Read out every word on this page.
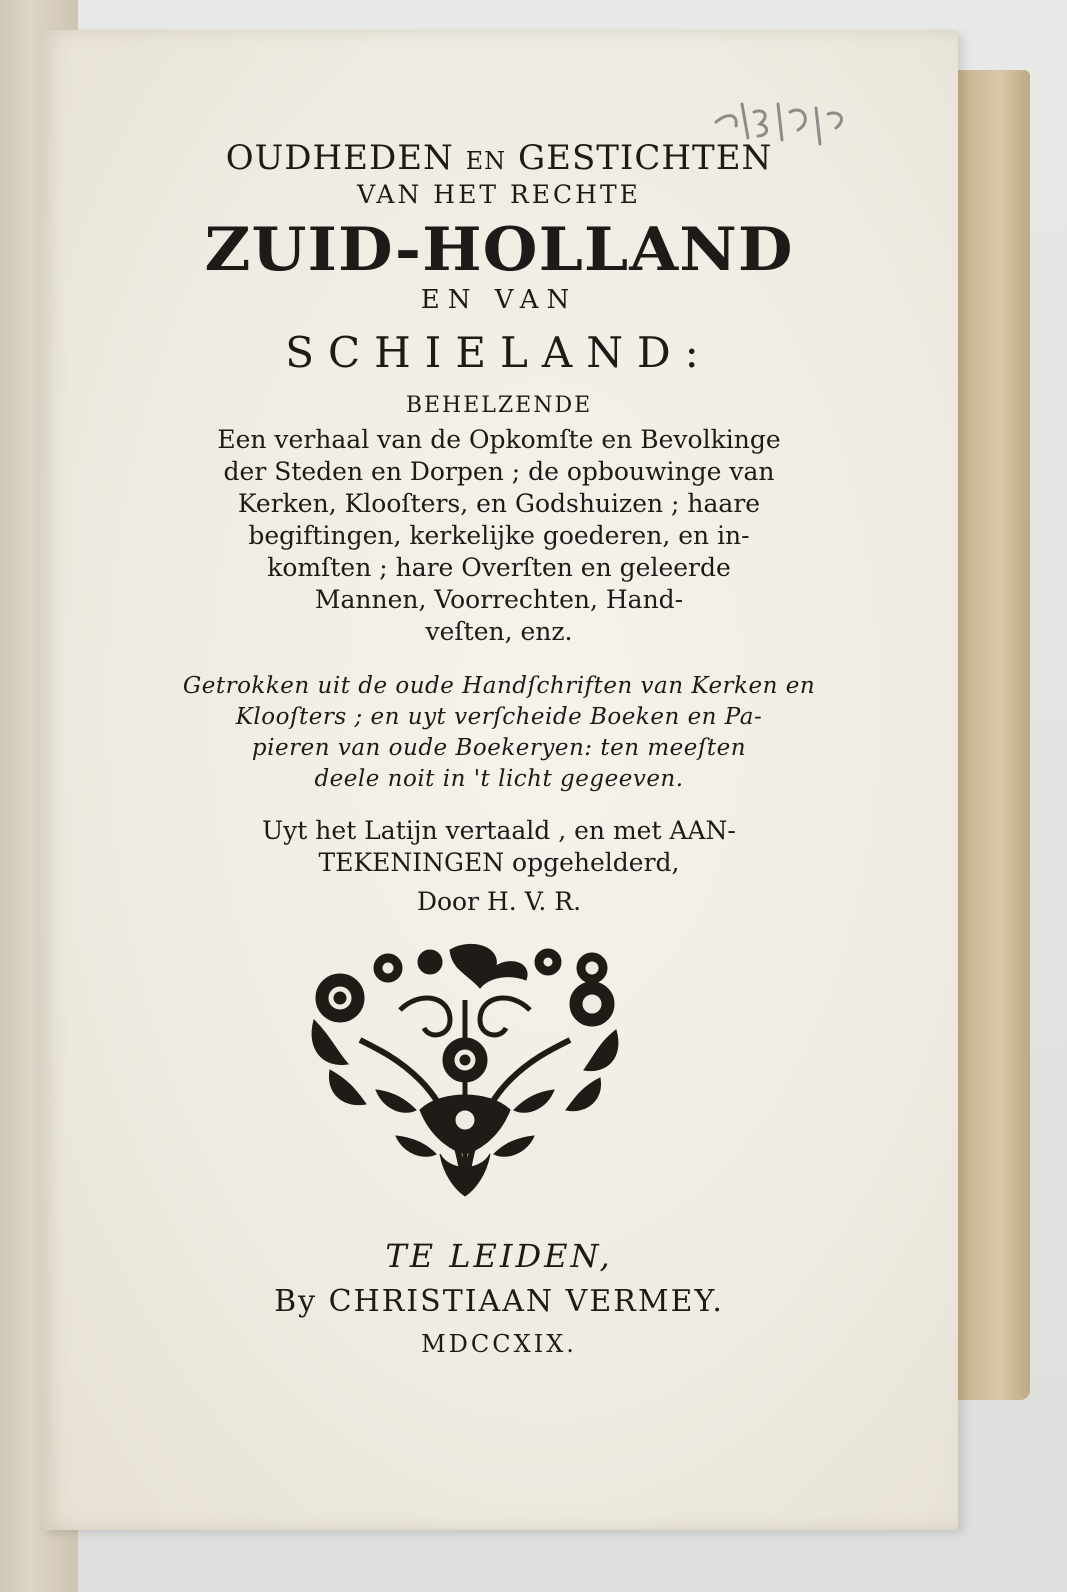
OUDHEDEN EN GESTICHTEN
VAN HET RECHTE
ZUID-HOLLAND
EN VAN
SCHIELAND:
BEHELZENDE
Een verhaal van de Opkomſte en Bevolkinge
der Steden en Dorpen ; de opbouwinge van
Kerken, Klooſters, en Godshuizen ; haare
begiftingen, kerkelijke goederen, en in-
komſten ; hare Overſten en geleerde
Mannen, Voorrechten, Hand-
veſten, enz.
Getrokken uit de oude Handſchriften van Kerken en
Klooſters ; en uyt verſcheide Boeken en Pa-
pieren van oude Boekeryen: ten meeſten
deele noit in 't licht gegeeven.
Uyt het Latijn vertaald , en met AAN-
TEKENINGEN opgehelderd,
Door H. V. R.
TE LEIDEN,
By CHRISTIAAN VERMEY.
MDCCXIX.
